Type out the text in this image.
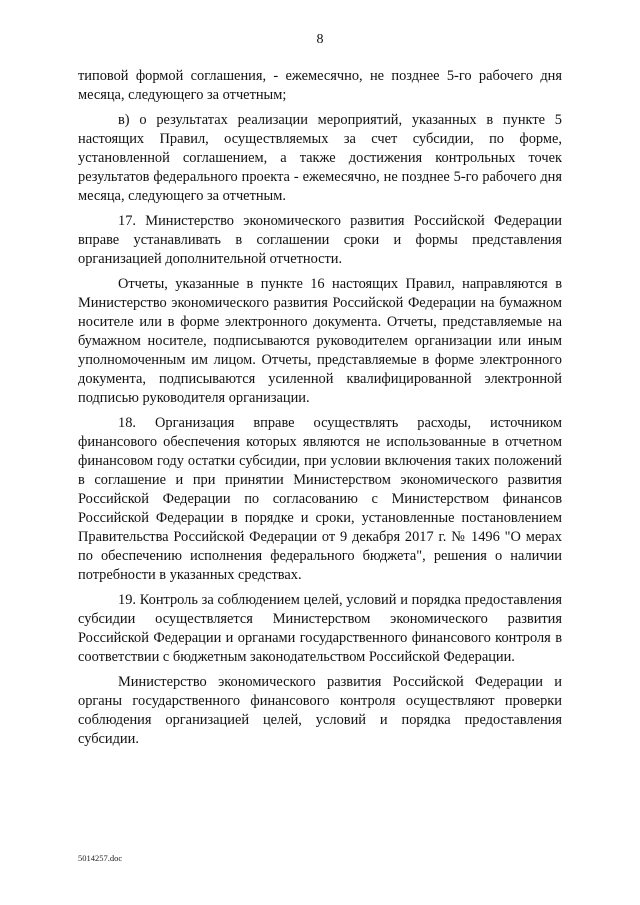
8

типовой формой соглашения, - ежемесячно, не позднее 5-го рабочего дня месяца, следующего за отчетным;

в) о результатах реализации мероприятий, указанных в пункте 5 настоящих Правил, осуществляемых за счет субсидии, по форме, установленной соглашением, а также достижения контрольных точек результатов федерального проекта - ежемесячно, не позднее 5-го рабочего дня месяца, следующего за отчетным.

17. Министерство экономического развития Российской Федерации вправе устанавливать в соглашении сроки и формы представления организацией дополнительной отчетности.

Отчеты, указанные в пункте 16 настоящих Правил, направляются в Министерство экономического развития Российской Федерации на бумажном носителе или в форме электронного документа. Отчеты, представляемые на бумажном носителе, подписываются руководителем организации или иным уполномоченным им лицом. Отчеты, представляемые в форме электронного документа, подписываются усиленной квалифицированной электронной подписью руководителя организации.

18. Организация вправе осуществлять расходы, источником финансового обеспечения которых являются не использованные в отчетном финансовом году остатки субсидии, при условии включения таких положений в соглашение и при принятии Министерством экономического развития Российской Федерации по согласованию с Министерством финансов Российской Федерации в порядке и сроки, установленные постановлением Правительства Российской Федерации от 9 декабря 2017 г. № 1496 "О мерах по обеспечению исполнения федерального бюджета", решения о наличии потребности в указанных средствах.

19. Контроль за соблюдением целей, условий и порядка предоставления субсидии осуществляется Министерством экономического развития Российской Федерации и органами государственного финансового контроля в соответствии с бюджетным законодательством Российской Федерации.

Министерство экономического развития Российской Федерации и органы государственного финансового контроля осуществляют проверки соблюдения организацией целей, условий и порядка предоставления субсидии.

5014257.doc
